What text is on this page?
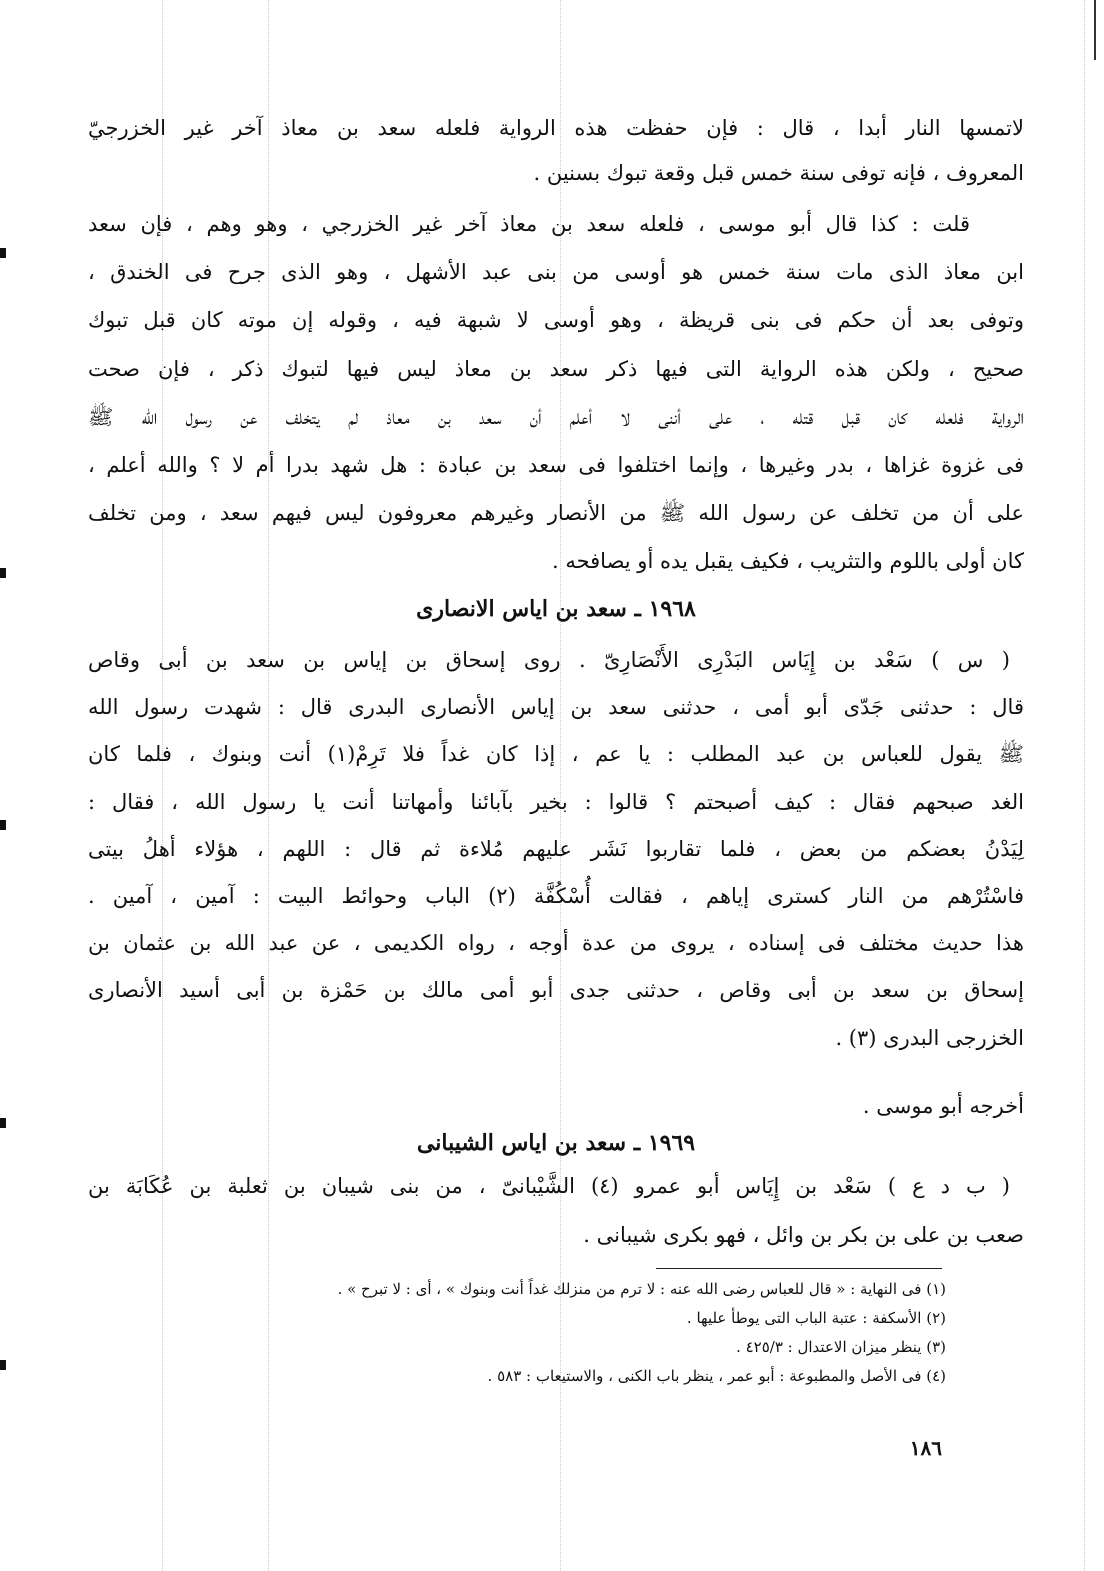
لاتمسها النار أبدا ، قال : فإن حفظت هذه الرواية فلعله سعد بن معاذ آخر غير الخزرجيّ

المعروف ، فإنه توفى سنة خمس قبل وقعة تبوك بسنين .

قلت : كذا قال أبو موسى ، فلعله سعد بن معاذ آخر غير الخزرجي ، وهو وهم ، فإن سعد

ابن معاذ الذى مات سنة خمس هو أوسى من بنى عبد الأشهل ، وهو الذى جرح فى الخندق ،

وتوفى بعد أن حكم فى بنى قريظة ، وهو أوسى لا شبهة فيه ، وقوله إن موته كان قبل تبوك

صحيح ، ولكن هذه الرواية التى فيها ذكر سعد بن معاذ ليس فيها لتبوك ذكر ، فإن صحت

الرواية فلعله كان قبل قتله ، على أننى لا أعلم أن سعد بن معاذ لم يتخلف عن رسول الله ﷺ

فى غزوة غزاها ، بدر وغيرها ، وإنما اختلفوا فى سعد بن عبادة : هل شهد بدرا أم لا ؟ والله أعلم ،

على أن من تخلف عن رسول الله ﷺ من الأنصار وغيرهم معروفون ليس فيهم سعد ، ومن تخلف

كان أولى باللوم والتثريب ، فكيف يقبل يده أو يصافحه .

١٩٦٨ ـ سعد بن اياس الانصارى

( س ) سَعْد بن إِيَاس البَدْرِى الأَنْصَارِىّ . روى إسحاق بن إياس بن سعد بن أبى وقاص

قال : حدثنى جَدّى أبو أمى ، حدثنى سعد بن إياس الأنصارى البدرى قال : شهدت رسول الله

ﷺ يقول للعباس بن عبد المطلب : يا عم ، إذا كان غداً فلا تَرِمْ(١) أنت وبنوك ، فلما كان

الغد صبحهم فقال : كيف أصبحتم ؟ قالوا : بخير بآبائنا وأمهاتنا أنت يا رسول الله ، فقال :

لِيَدْنُ بعضكم من بعض ، فلما تقاربوا نَشَر عليهم مُلاءة ثم قال : اللهم ، هؤلاء أهلُ بيتى

فاسْتُرْهم من النار كسترى إياهم ، فقالت أُسْكُفَّة (٢) الباب وحوائط البيت : آمين ، آمين .

هذا حديث مختلف فى إسناده ، يروى من عدة أوجه ، رواه الكديمى ، عن عبد الله بن عثمان بن

إسحاق بن سعد بن أبى وقاص ، حدثنى جدى أبو أمى مالك بن حَمْزة بن أبى أسيد الأنصارى

الخزرجى البدرى (٣) .

أخرجه أبو موسى .

١٩٦٩ ـ سعد بن اياس الشيبانى

( ب د ع ) سَعْد بن إِيَاس أبو عمرو (٤) الشَّيْبانىّ ، من بنى شيبان بن ثعلبة بن عُكَابَة بن

صعب بن على بن بكر بن وائل ، فهو بكرى شيبانى .

(١) فى النهاية : « قال للعباس رضى الله عنه : لا ترم من منزلك غداً أنت وبنوك » ، أى : لا تبرح » .

(٢) الأسكفة : عتبة الباب التى يوطأ عليها .

(٣) ينظر ميزان الاعتدال : ٤٢٥/٣ .

(٤) فى الأصل والمطبوعة : أبو عمر ، ينظر باب الكنى ، والاستيعاب : ٥٨٣ .

١٨٦
